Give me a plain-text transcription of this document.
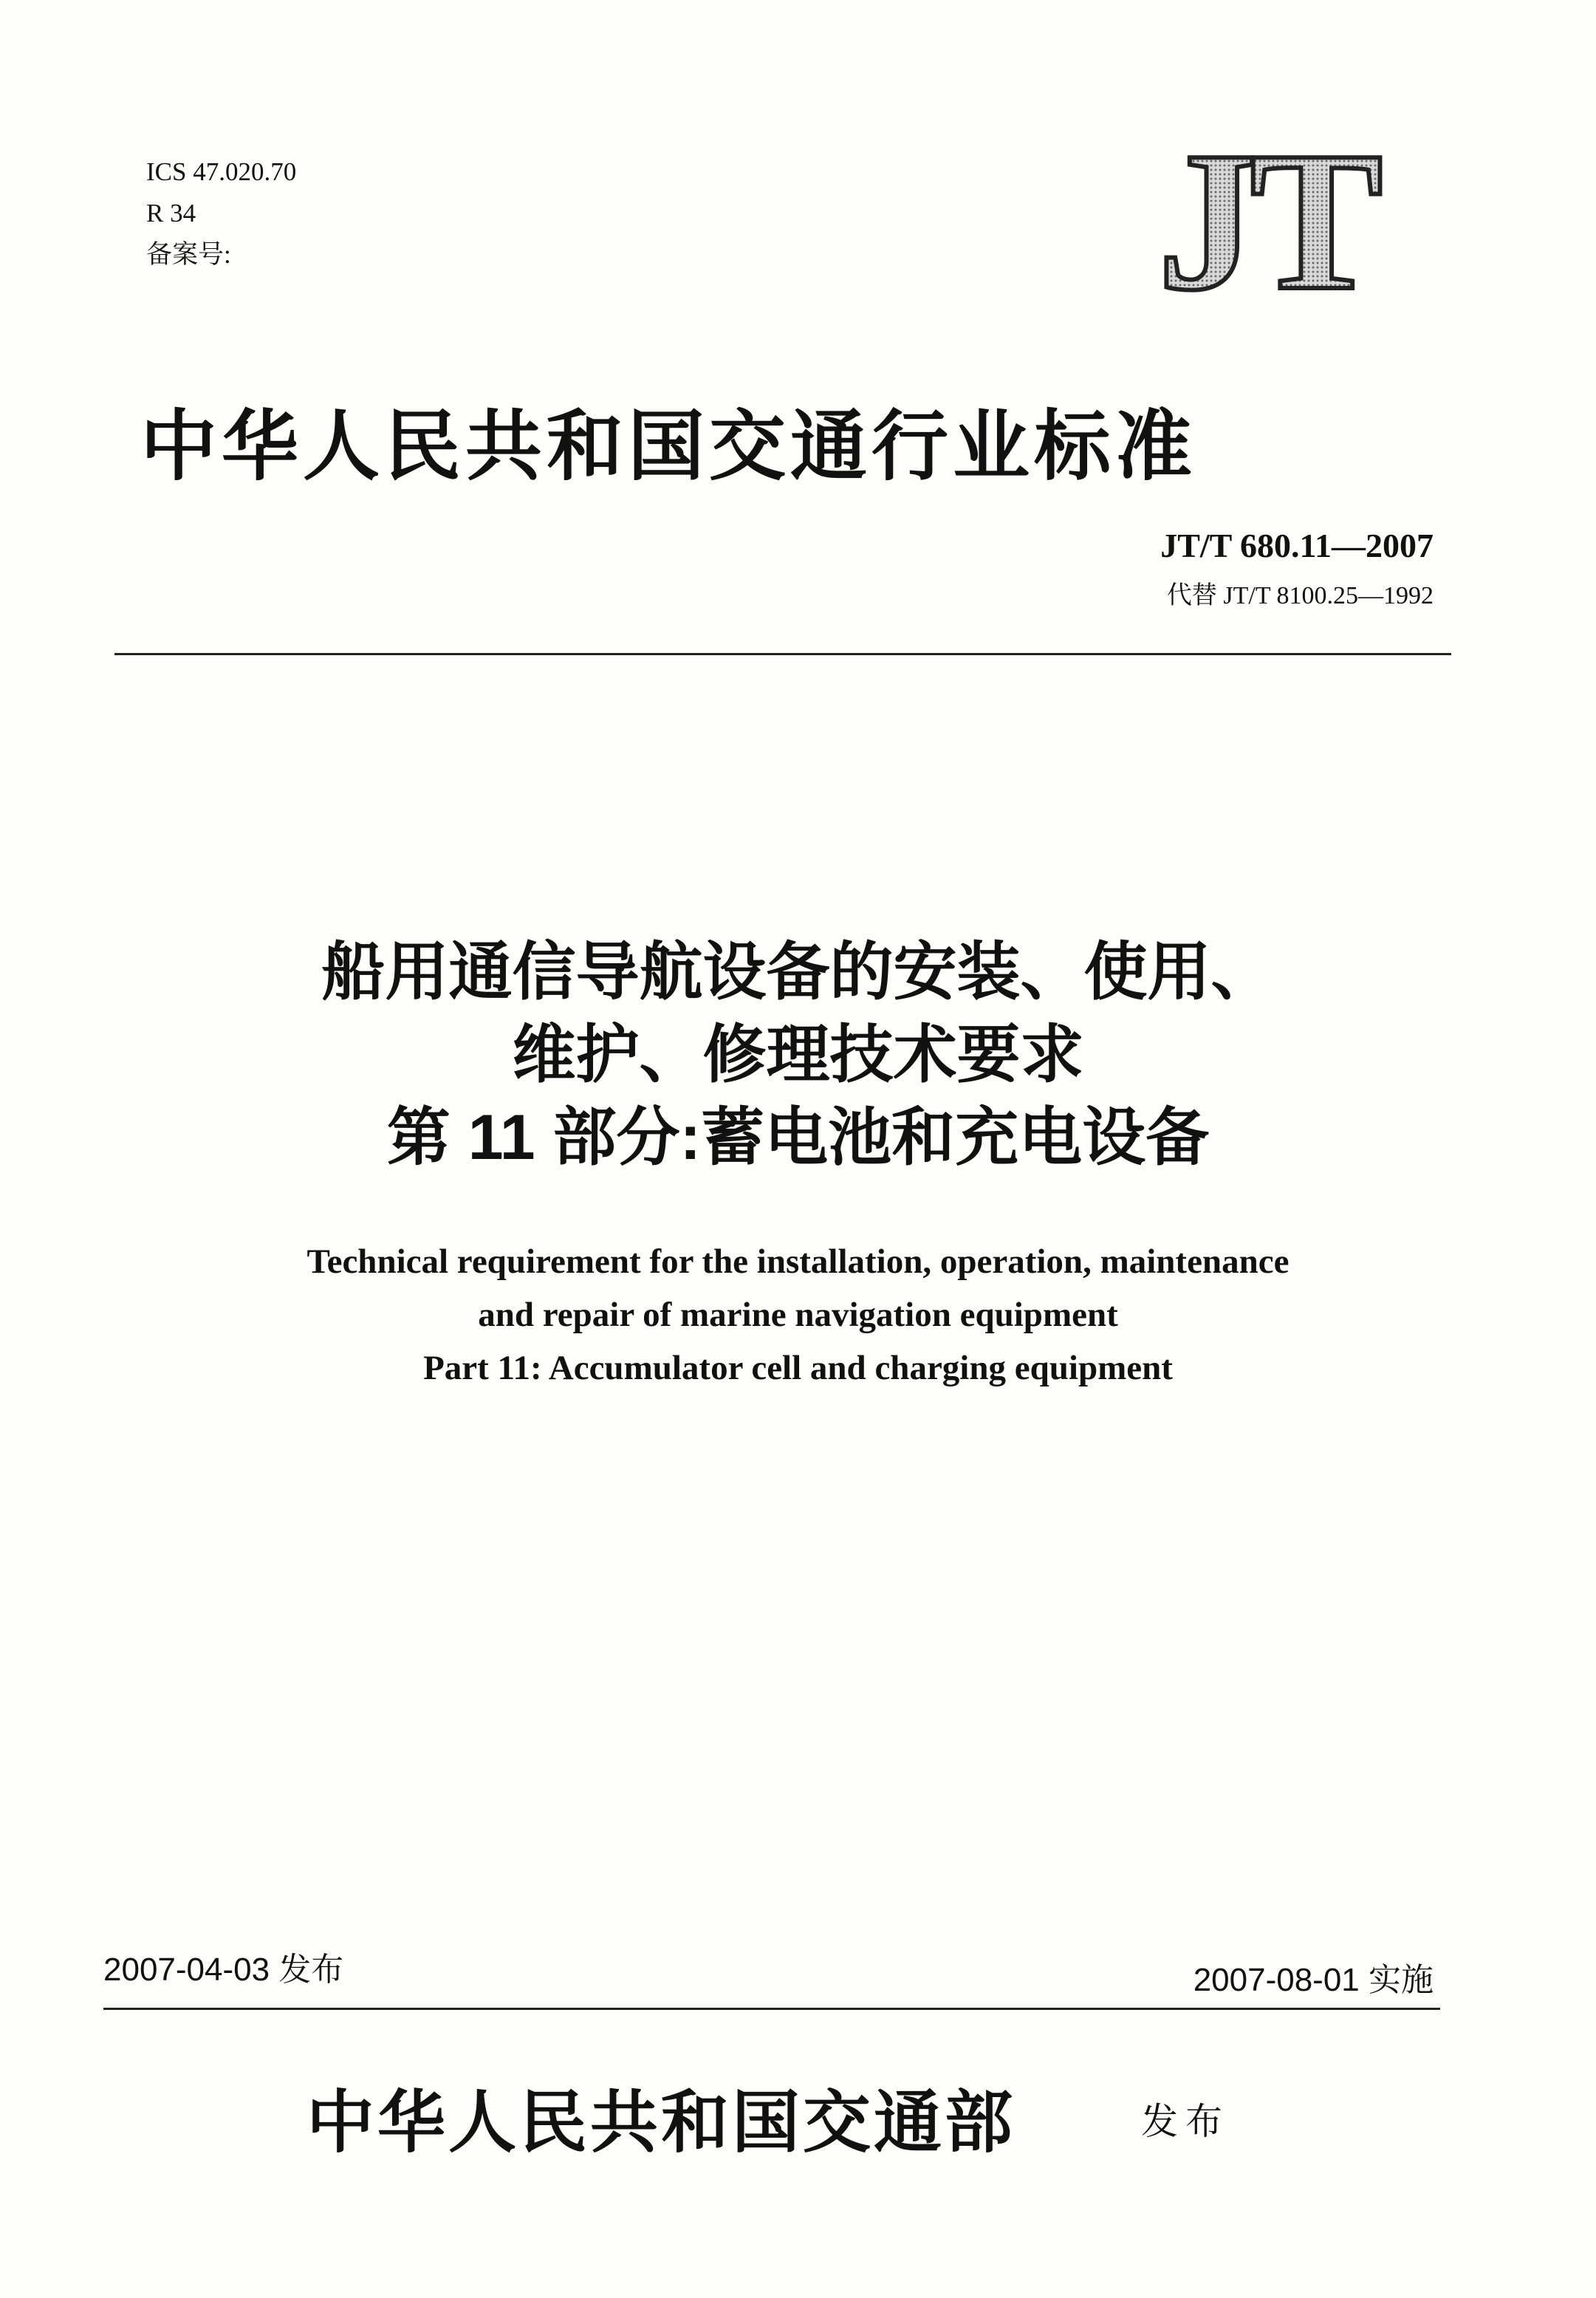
ICS 47.020.70
R 34
备案号:	JT
中华人民共和国交通行业标准
JT/T 680.11—2007
代替 JT/T 8100.25—1992
船用通信导航设备的安装、使用、
维护、修理技术要求
第 11 部分:蓄电池和充电设备
Technical requirement for the installation, operation, maintenance
and repair of marine navigation equipment
Part 11: Accumulator cell and charging equipment
2007-04-03 发布	2007-08-01 实施
中华人民共和国交通部	发布
